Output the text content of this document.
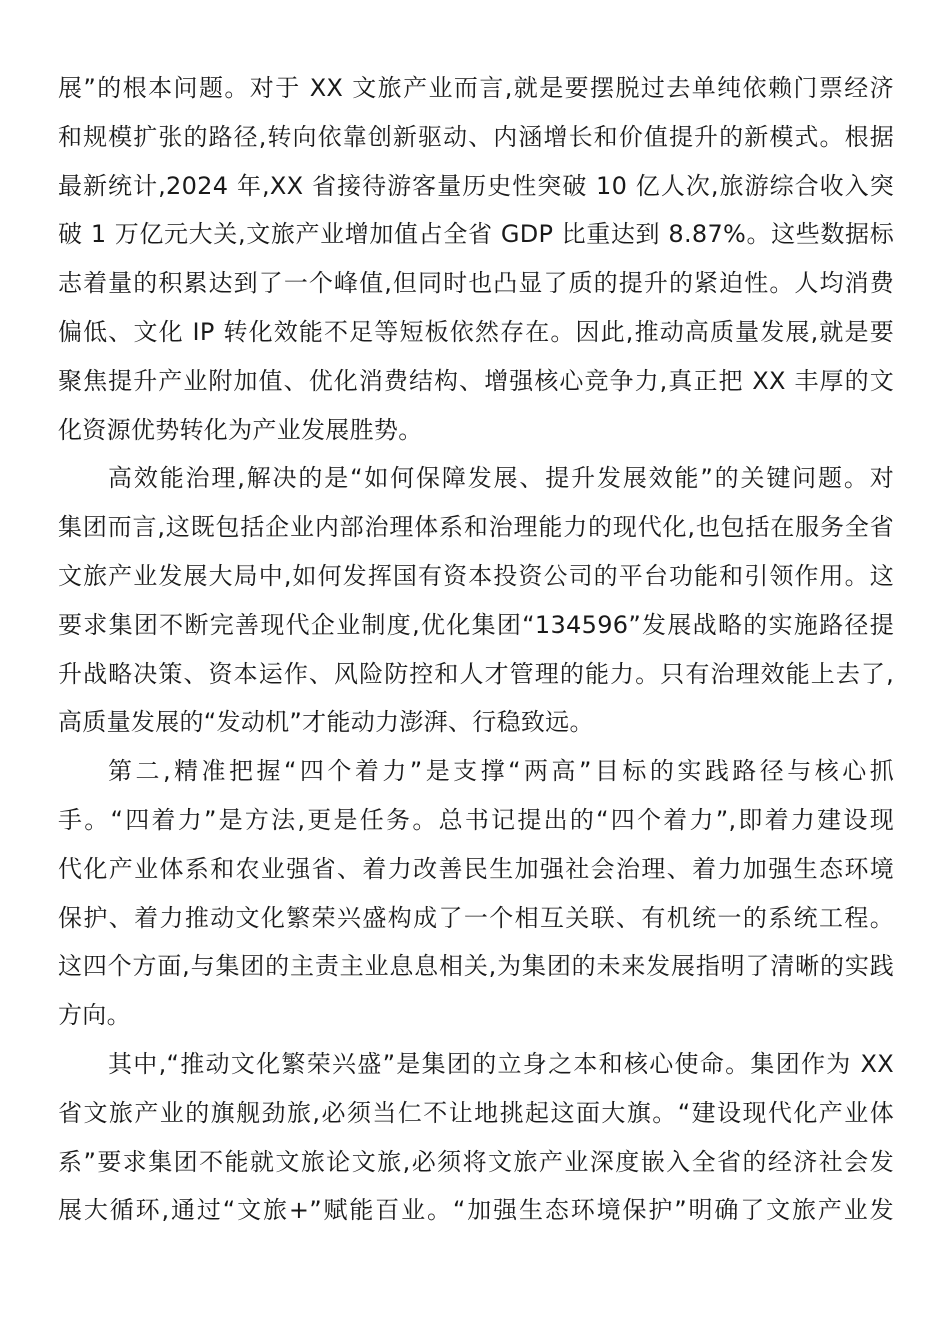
展”的根本问题。对于 XX 文旅产业而言,就是要摆脱过去单纯依赖门票经济
和规模扩张的路径,转向依靠创新驱动、内涵增长和价值提升的新模式。根据
最新统计,2024 年,XX 省接待游客量历史性突破 10 亿人次,旅游综合收入突
破 1 万亿元大关,文旅产业增加值占全省 GDP 比重达到 8.87%。这些数据标
志着量的积累达到了一个峰值,但同时也凸显了质的提升的紧迫性。人均消费
偏低、文化 IP 转化效能不足等短板依然存在。因此,推动高质量发展,就是要
聚焦提升产业附加值、优化消费结构、增强核心竞争力,真正把 XX 丰厚的文
化资源优势转化为产业发展胜势。
高效能治理,解决的是“如何保障发展、提升发展效能”的关键问题。对
集团而言,这既包括企业内部治理体系和治理能力的现代化,也包括在服务全省
文旅产业发展大局中,如何发挥国有资本投资公司的平台功能和引领作用。这
要求集团不断完善现代企业制度,优化集团“134596”发展战略的实施路径提
升战略决策、资本运作、风险防控和人才管理的能力。只有治理效能上去了,
高质量发展的“发动机”才能动力澎湃、行稳致远。
第二,精准把握“四个着力”是支撑“两高”目标的实践路径与核心抓
手。“四着力”是方法,更是任务。总书记提出的“四个着力”,即着力建设现
代化产业体系和农业强省、着力改善民生加强社会治理、着力加强生态环境
保护、着力推动文化繁荣兴盛构成了一个相互关联、有机统一的系统工程。
这四个方面,与集团的主责主业息息相关,为集团的未来发展指明了清晰的实践
方向。
其中,“推动文化繁荣兴盛”是集团的立身之本和核心使命。集团作为 XX
省文旅产业的旗舰劲旅,必须当仁不让地挑起这面大旗。“建设现代化产业体
系”要求集团不能就文旅论文旅,必须将文旅产业深度嵌入全省的经济社会发
展大循环,通过“文旅+”赋能百业。“加强生态环境保护”明确了文旅产业发
